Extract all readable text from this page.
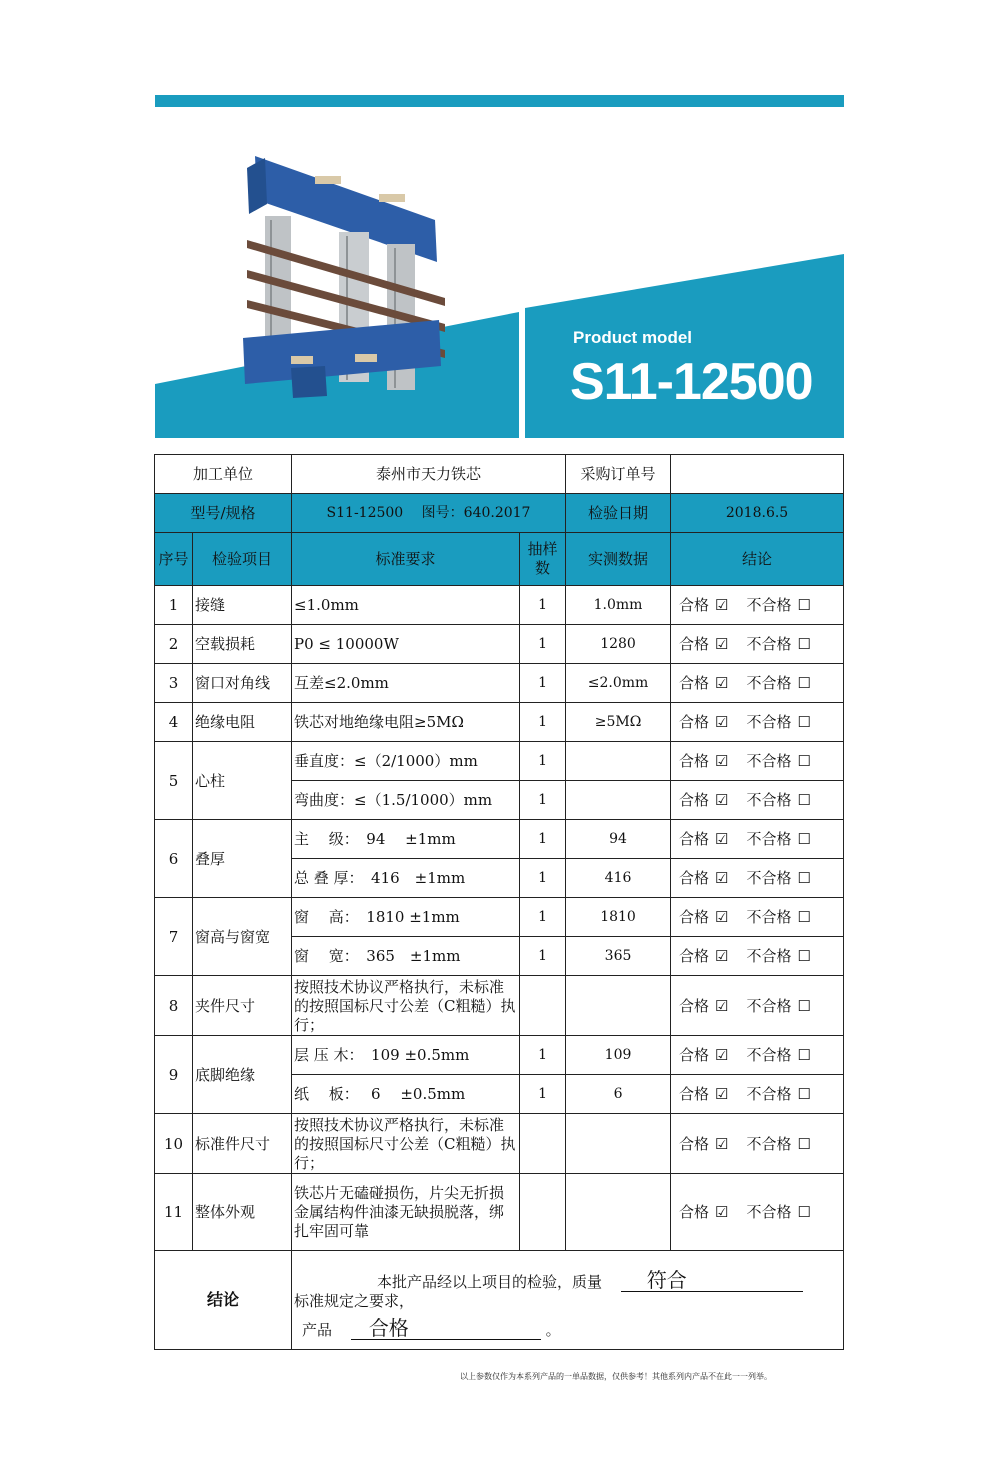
Product model
S11-12500
加工单位		泰州市天力铁芯		采购订单号	
型号/规格		S11-12500　 图号：640.2017		检验日期	2018.6.5
序号	检验项目	标准要求	抽样数	实测数据	结论
1	接缝	≤1.0mm	1	1.0mm	合格 ☑ 不合格 ☐
2	空载损耗	P0 ≤ 10000W	1	1280	合格 ☑ 不合格 ☐
3	窗口对角线	互差≤2.0mm	1	≤2.0mm	合格 ☑ 不合格 ☐
4	绝缘电阻	铁芯对地绝缘电阻≥5MΩ	1	≥5MΩ	合格 ☑ 不合格 ☐
5	心柱	垂直度：≤（2/1000）mm	1		合格 ☑ 不合格 ☐
		弯曲度：≤（1.5/1000）mm	1		合格 ☑ 不合格 ☐
6	叠厚	主　 级：　94　 ±1mm	1	94	合格 ☑ 不合格 ☐
		总 叠 厚：　416　±1mm	1	416	合格 ☑ 不合格 ☐
7	窗高与窗宽	窗　 高：　1810 ±1mm	1	1810	合格 ☑ 不合格 ☐
		窗　 宽：　365　±1mm	1	365	合格 ☑ 不合格 ☐
8	夹件尺寸	按照技术协议严格执行，未标准的按照国标尺寸公差（C粗糙）执行；			合格 ☑ 不合格 ☐
9	底脚绝缘	层 压 木：　109 ±0.5mm	1	109	合格 ☑ 不合格 ☐
		纸　 板：　 6　 ±0.5mm	1	6	合格 ☑ 不合格 ☐
10	标准件尺寸	按照技术协议严格执行，未标准的按照国标尺寸公差（C粗糙）执行；			合格 ☑ 不合格 ☐
11	整体外观	铁芯片无磕碰损伤，片尖无折损金属结构件油漆无缺损脱落，绑扎牢固可靠			合格 ☑ 不合格 ☐
结论		本批产品经以上项目的检验，质量 符合
标准规定之要求，
产品 合格 。			
以上参数仅作为本系列产品的一单品数据，仅供参考！其他系列内产品不在此一一列举。
